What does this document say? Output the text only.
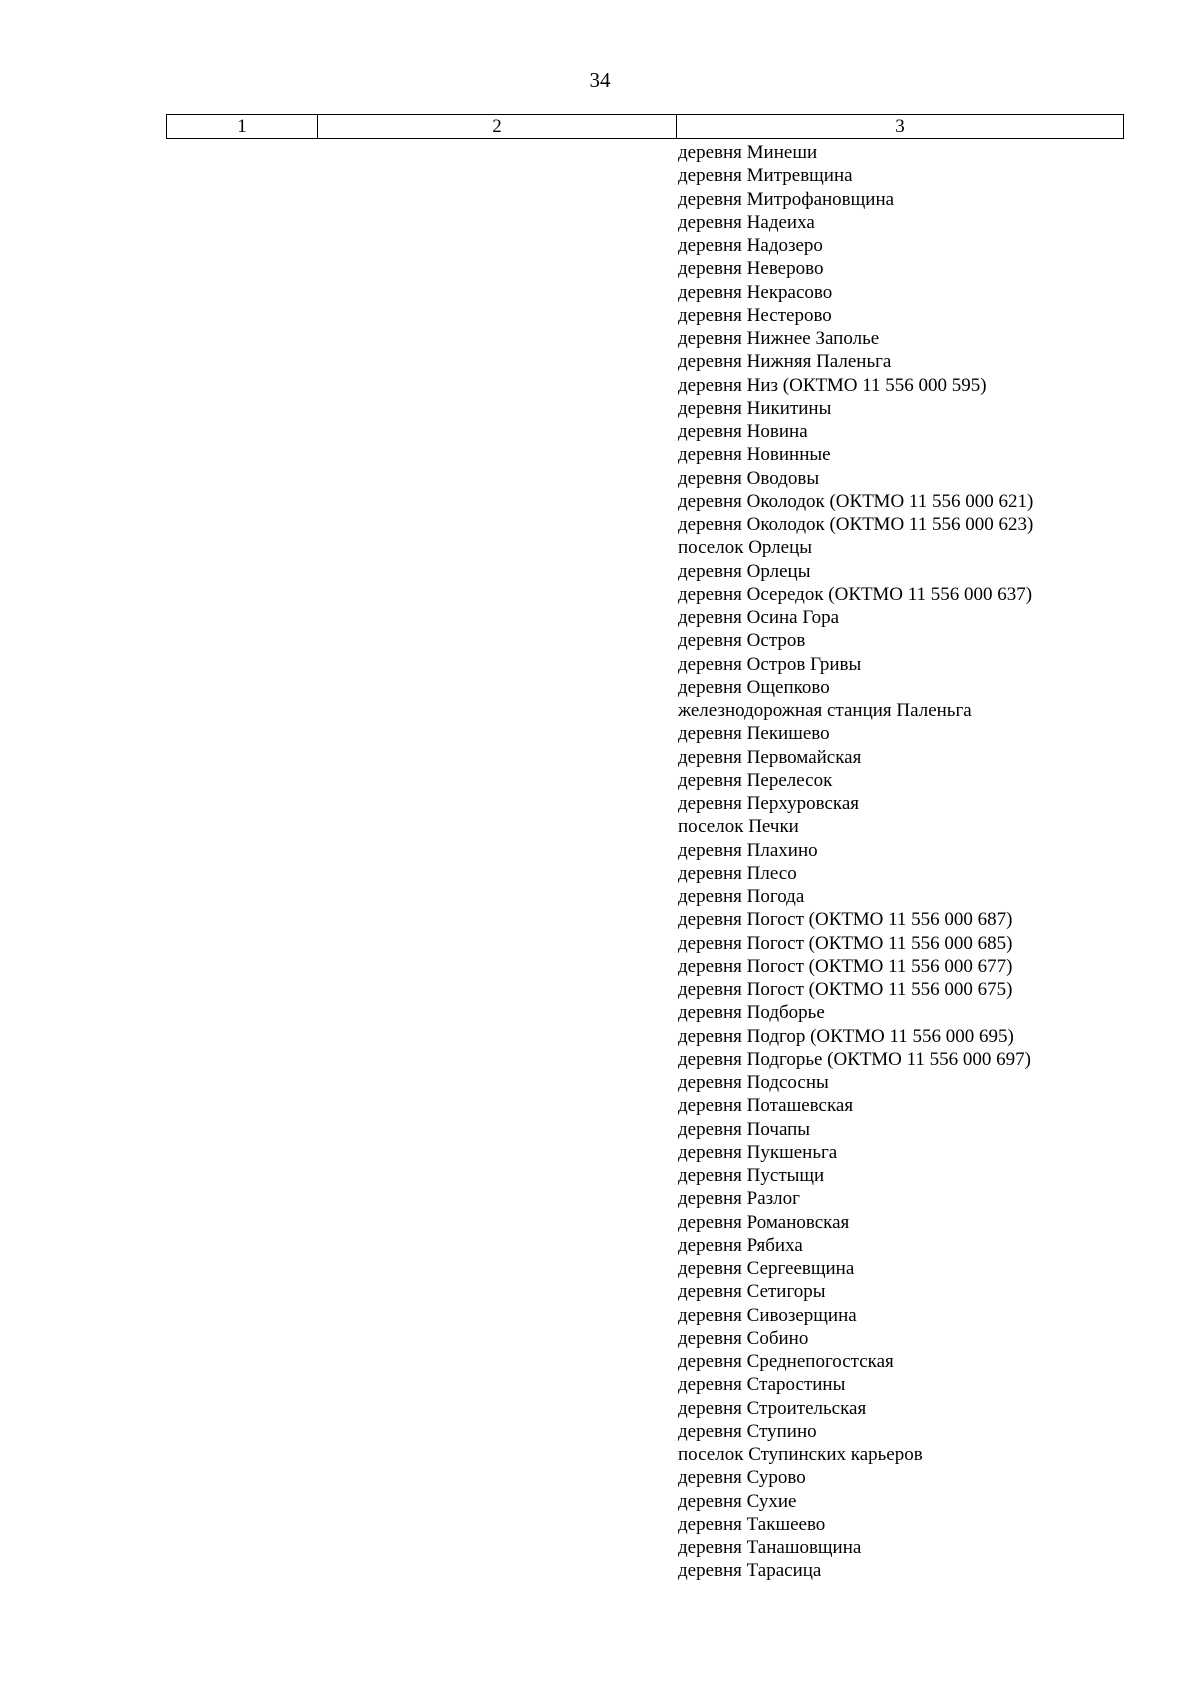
34
1	2	3
деревня Минеши
деревня Митревщина
деревня Митрофановщина
деревня Надеиха
деревня Надозеро
деревня Неверово
деревня Некрасово
деревня Нестерово
деревня Нижнее Заполье
деревня Нижняя Паленьга
деревня Низ (ОКТМО 11 556 000 595)
деревня Никитины
деревня Новина
деревня Новинные
деревня Оводовы
деревня Околодок (ОКТМО 11 556 000 621)
деревня Околодок (ОКТМО 11 556 000 623)
поселок Орлецы
деревня Орлецы
деревня Осередок (ОКТМО 11 556 000 637)
деревня Осина Гора
деревня Остров
деревня Остров Гривы
деревня Ощепково
железнодорожная станция Паленьга
деревня Пекишево
деревня Первомайская
деревня Перелесок
деревня Перхуровская
поселок Печки
деревня Плахино
деревня Плесо
деревня Погода
деревня Погост (ОКТМО 11 556 000 687)
деревня Погост (ОКТМО 11 556 000 685)
деревня Погост (ОКТМО 11 556 000 677)
деревня Погост (ОКТМО 11 556 000 675)
деревня Подборье
деревня Подгор (ОКТМО 11 556 000 695)
деревня Подгорье (ОКТМО 11 556 000 697)
деревня Подсосны
деревня Поташевская
деревня Почапы
деревня Пукшеньга
деревня Пустыщи
деревня Разлог
деревня Романовская
деревня Рябиха
деревня Сергеевщина
деревня Сетигоры
деревня Сивозерщина
деревня Собино
деревня Среднепогостская
деревня Старостины
деревня Строительская
деревня Ступино
поселок Ступинских карьеров
деревня Сурово
деревня Сухие
деревня Такшеево
деревня Танашовщина
деревня Тарасица
